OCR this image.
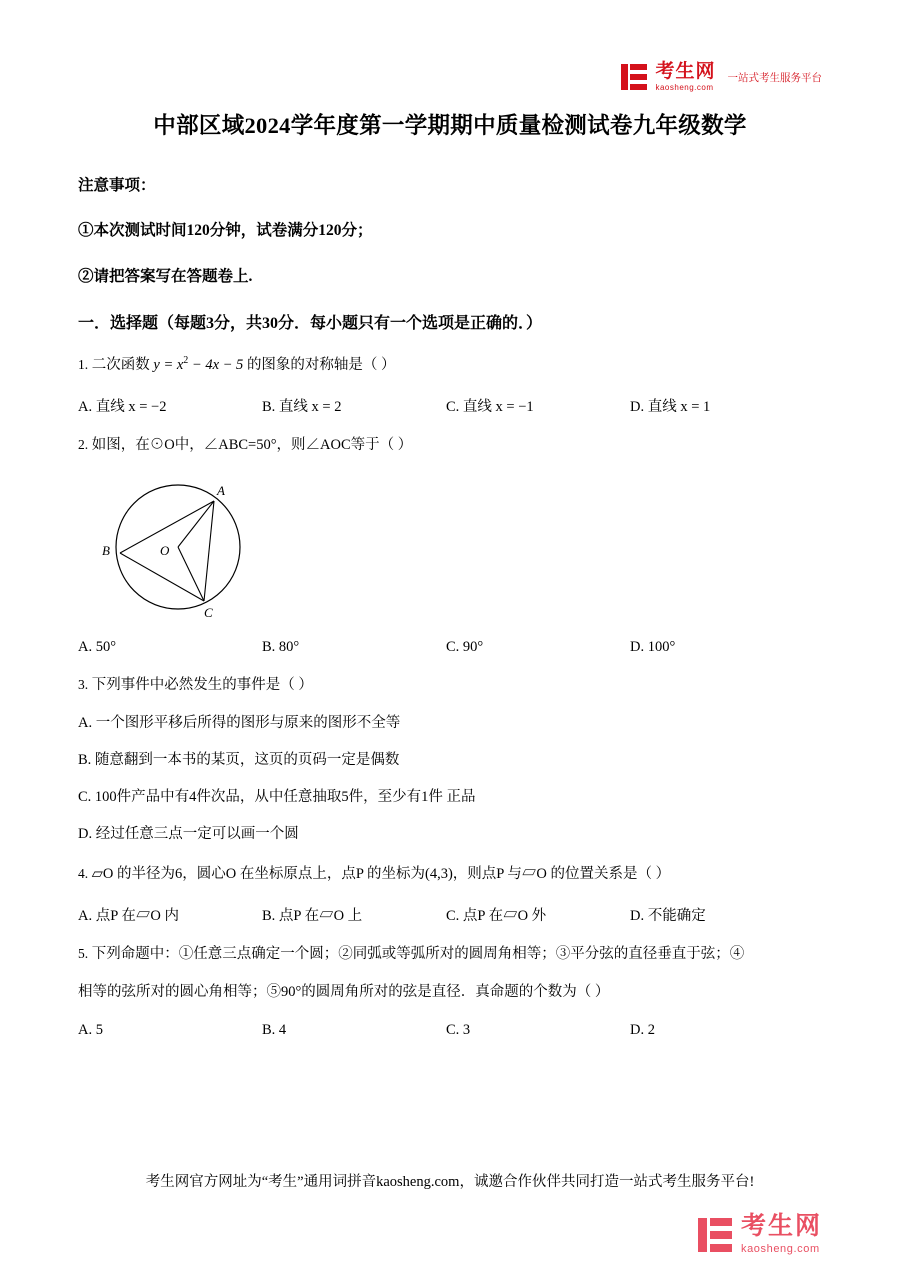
考生网
kaosheng.com
一站式考生服务平台
中部区域2024学年度第一学期期中质量检测试卷九年级数学

注意事项：

①本次测试时间120分钟，试卷满分120分；

②请把答案写在答题卷上.

一．选择题（每题3分，共30分．每小题只有一个选项是正确的．）

1. 二次函数 $y = x^2 - 4x - 5$ 的图象的对称轴是（ ）

A. 直线 x = −2	B. 直线 x = 2	C. 直线 x = −1	D. 直线 x = 1

2. 如图，在⊙O中，∠ABC=50°，则∠AOC等于（ ）

A
B
C
O
A. 50°	B. 80°	C. 90°	D. 100°

3. 下列事件中必然发生的事件是（ ）

A. 一个图形平移后所得的图形与原来的图形不全等

B. 随意翻到一本书的某页，这页的页码一定是偶数

C. 100件产品中有4件次品，从中任意抽取5件，至少有1件 正品

D. 经过任意三点一定可以画一个圆

4. ▱O 的半径为6，圆心O 在坐标原点上，点P 的坐标为(4,3)，则点P 与▱O 的位置关系是（ ）

A. 点P 在▱O 内	B. 点P 在▱O 上	C. 点P 在▱O 外	D. 不能确定

5. 下列命题中：①任意三点确定一个圆；②同弧或等弧所对的圆周角相等；③平分弦的直径垂直于弦；④

相等的弦所对的圆心角相等；⑤90°的圆周角所对的弦是直径．真命题的个数为（ ）

A. 5	B. 4	C. 3	D. 2
考生网官方网址为“考生”通用词拼音kaosheng.com，诚邀合作伙伴共同打造一站式考生服务平台!
考生网
kaosheng.com
